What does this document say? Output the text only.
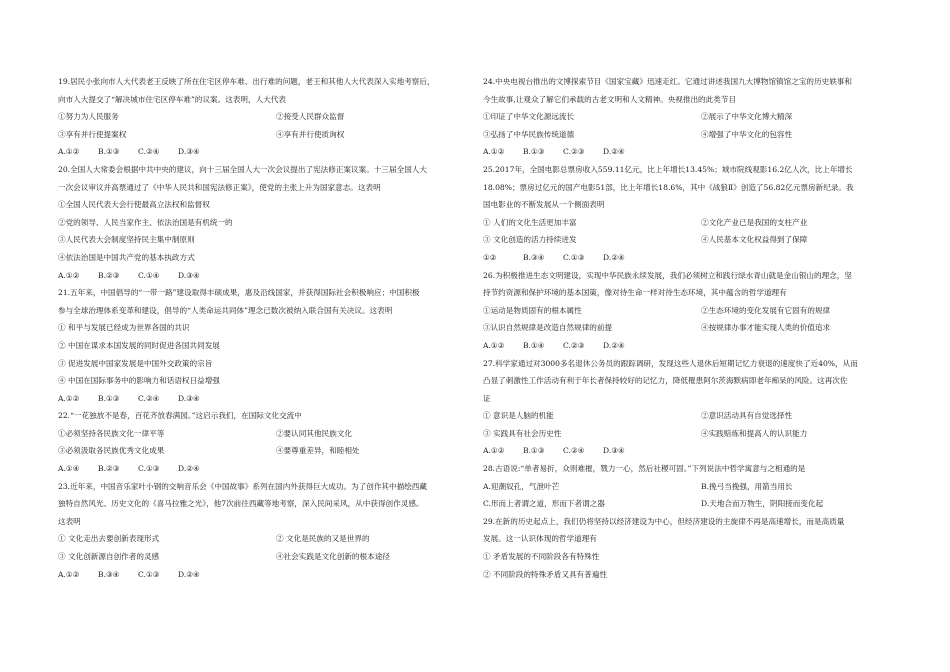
19.居民小张向市人大代表老王反映了所在住宅区停车难、出行难的问题，老王和其他人大代表深入实地考察后，
向市人大提交了“解决城市住宅区停车难”的议案。这表明，人大代表
①努力为人民服务	②接受人民群众监督
③享有并行使提案权	④享有并行使质询权
A.①②	B.①③	C.②④	D.③④
20.全国人大常委会根据中共中央的建议，向十三届全国人大一次会议提出了宪法修正案议案。十三届全国人大
一次会议审议并高票通过了《中华人民共和国宪法修正案》，使党的主张上升为国家意志。这表明
①全国人民代表大会行使最高立法权和监督权
②党的领导、人民当家作主、依法治国是有机统一的
③人民代表大会制度坚持民主集中制原则
④依法治国是中国共产党的基本执政方式
A.①②	B.②③	C.①④	D.③④
21.五年来，中国倡导的“一带一路”建设取得丰硕成果，惠及沿线国家，并获得国际社会积极响应；中国积极
参与全球治理体系变革和建设，倡导的“人类命运共同体”理念已数次被纳入联合国有关决议。这表明
① 和平与发展已经成为世界各国的共识
② 中国在谋求本国发展的同时促进各国共同发展
③ 促进发展中国家发展是中国外交政策的宗旨
④ 中国在国际事务中的影响力和话语权日益增强
A.①②	B.①③	C.②④	D.③④
22.“一花独放不是春，百花齐放春满园。”这启示我们，在国际文化交流中
①必须坚持各民族文化一律平等	②要认同其他民族文化
③必须汲取各民族优秀文化成果	④要尊重差异，和睦相处
A.①④	B.②③	C.①③	D.②④
23.近年来，中国音乐家叶小钢的交响音乐会《中国故事》系列在国内外获得巨大成功。为了创作其中描绘西藏
独特自然风光、历史文化的《喜马拉雅之光》，他7次前往西藏等地考察，深入民间采风，从中获得创作灵感。
这表明
① 文化走出去要创新表现形式	② 文化是民族的又是世界的
③ 文化创新源自创作者的灵感	④社会实践是文化创新的根本途径
A.①②	B.③④	C.①③	D.②④
24.中央电视台推出的文博探索节目《国家宝藏》迅速走红。它通过讲述我国九大博物馆镇馆之宝的历史轶事和
今生故事,让观众了解它们承载的古老文明和人文精神。央视推出的此类节目
①印证了中华文化源远流长	②展示了中华文化博大精深
③弘扬了中华民族传统道德	④增强了中华文化的包容性
A.①②	B.①③	C.②③	D.②④
25.2017年，全国电影总票房收入559.11亿元，比上年增长13.45%；城市院线观影16.2亿人次，比上年增长
18.08%；票房过亿元的国产电影51部，比上年增长18.6%，其中《战狼Ⅱ》创造了56.82亿元票房新纪录。我
国电影业的不断发展从一个侧面表明
① 人们的文化生活更加丰富	②文化产业已是我国的支柱产业
③ 文化创造的活力持续迸发	④人民基本文化权益得到了保障
①②	B.③④	C.①③	D.②④
26.为积极推进生态文明建设，实现中华民族永续发展，我们必须树立和践行绿水青山就是金山银山的理念，坚
持节约资源和保护环境的基本国策，像对待生命一样对待生态环境，其中蕴含的哲学道理有
①运动是物质固有的根本属性	②生态环境的变化发展有它固有的规律
③认识自然规律是改造自然规律的前提	④按规律办事才能实现人类的价值追求
A.①②	B.①④	C.②③	D.②④
27.科学家通过对3000多名退休公务员的跟踪调研，发现这些人退休后短期记忆力衰退的速度快了近40%，从而
凸显了刺激性工作活动有利于年长者保持较好的记忆力，降低罹患阿尔茨海默病即老年痴呆的风险。这再次佐
证
① 意识是人脑的机能	②意识活动具有自觉选择性
③ 实践具有社会历史性	④实践赔炼和提高人的认识能力
A.①②	B.①③	C.②④	D.③④
28.古语说:“单者易折，众则难摧，戮力一心，然后社稷可固。”下列说法中哲学寓意与之相通的是
A.迎潮奴孔，气泄叶芒	B.挽弓当挽强，用箭当用长
C.形而上者谓之道，形而下者谓之器	D.天地合而万物生，阴阳接而变化起
29.在新的历史起点上，我们仍将坚持以经济建设为中心，但经济建设的主旋律不再是高速增长，而是高质量
发展。这一认识体现的哲学道理有
① 矛盾发展的不同阶段各有特殊性
② 不同阶段的特殊矛盾又具有普遍性
